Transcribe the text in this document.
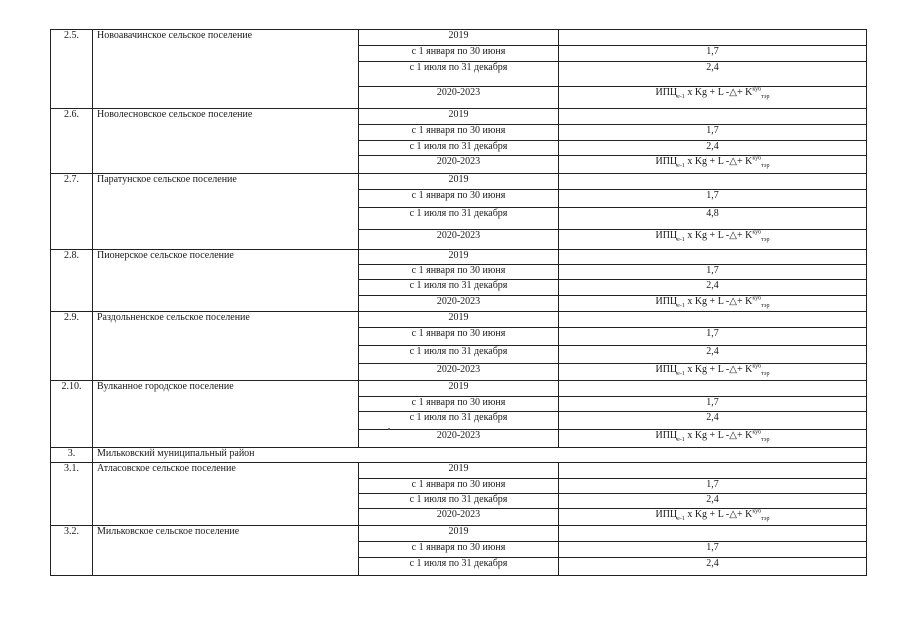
2.5.	Новоавачинское сельское поселение	2019	
		с 1 января по 30 июня	1,7
		с 1 июля по 31 декабря	2,4
		2020-2023	$ИПЦ_{e-1}$ x Kg + L -△+ $K^{куб}_{тэр}$
2.6.	Новолесновское сельское поселение	2019	
		с 1 января по 30 июня	1,7
		с 1 июля по 31 декабря	2,4
		2020-2023	$ИПЦ_{e-1}$ x Kg + L -△+ $K^{куб}_{тэр}$
2.7.	Паратунское сельское поселение	2019	
		с 1 января по 30 июня	1,7
		с 1 июля по 31 декабря	4,8
		2020-2023	$ИПЦ_{e-1}$ x Kg + L -△+ $K^{куб}_{тэр}$
2.8.	Пионерское сельское поселение	2019	
		с 1 января по 30 июня	1,7
		с 1 июля по 31 декабря	2,4
		2020-2023	$ИПЦ_{e-1}$ x Kg + L -△+ $K^{куб}_{тэр}$
2.9.	Раздольненское сельское поселение	2019	
		с 1 января по 30 июня	1,7
		с 1 июля по 31 декабря	2,4
		2020-2023	$ИПЦ_{e-1}$ x Kg + L -△+ $K^{куб}_{тэр}$
2.10.	Вулканное городское поселение	2019	
		с 1 января по 30 июня	1,7
		с 1 июля по 31 декабря	2,4
		2020-2023	$ИПЦ_{e-1}$ x Kg + L -△+ $K^{куб}_{тэр}$
3.	Мильковский муниципальный район		
3.1.	Атласовское сельское поселение	2019	
		с 1 января по 30 июня	1,7
		с 1 июля по 31 декабря	2,4
		2020-2023	$ИПЦ_{e-1}$ x Kg + L -△+ $K^{куб}_{тэр}$
3.2.	Мильковское сельское поселение	2019	
		с 1 января по 30 июня	1,7
		с 1 июля по 31 декабря	2,4
